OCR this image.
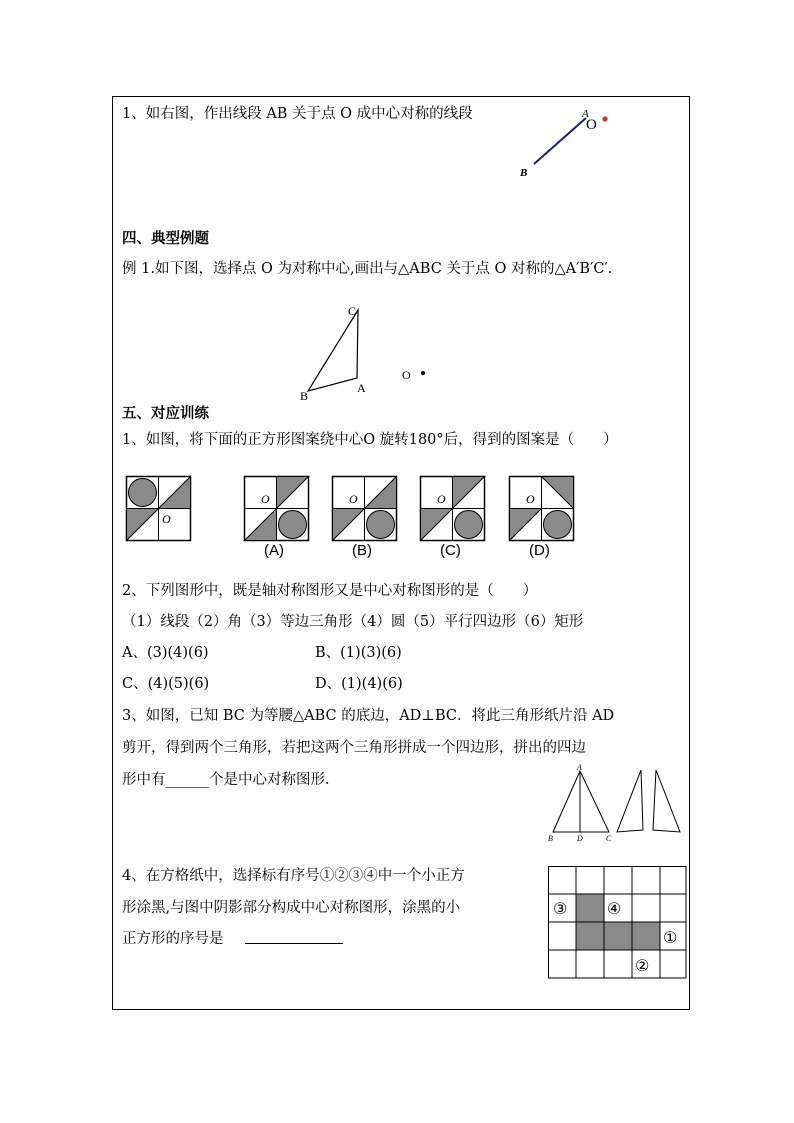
1、如右图，作出线段 AB 关于点 O 成中心对称的线段	A
B
O
四、典型例题
例 1.如下图，选择点 O 为对称中心,画出与△ABC 关于点 O 对称的△A′B′C′.
C
B
A
O
五、对应训练
1、如图，将下面的正方形图案绕中心O 旋转180°后，得到的图案是（　　）
O
O
(A)
O
(B)
O
(C)
O
(D)
2、下列图形中，既是轴对称图形又是中心对称图形的是（　　）
（1）线段（2）角（3）等边三角形（4）圆（5）平行四边形（6）矩形
A、(3)(4)(6)	B、(1)(3)(6)
C、(4)(5)(6)	D、(1)(4)(6)
3、如图，已知 BC 为等腰△ABC 的底边，AD⊥BC．将此三角形纸片沿 AD
剪开，得到两个三角形，若把这两个三角形拼成一个四边形，拼出的四边
形中有______个是中心对称图形．
A
B	D	C
4、在方格纸中，选择标有序号①②③④中一个小正方
形涂黑,与图中阴影部分构成中心对称图形，涂黑的小
正方形的序号是
③ ④
①
②
